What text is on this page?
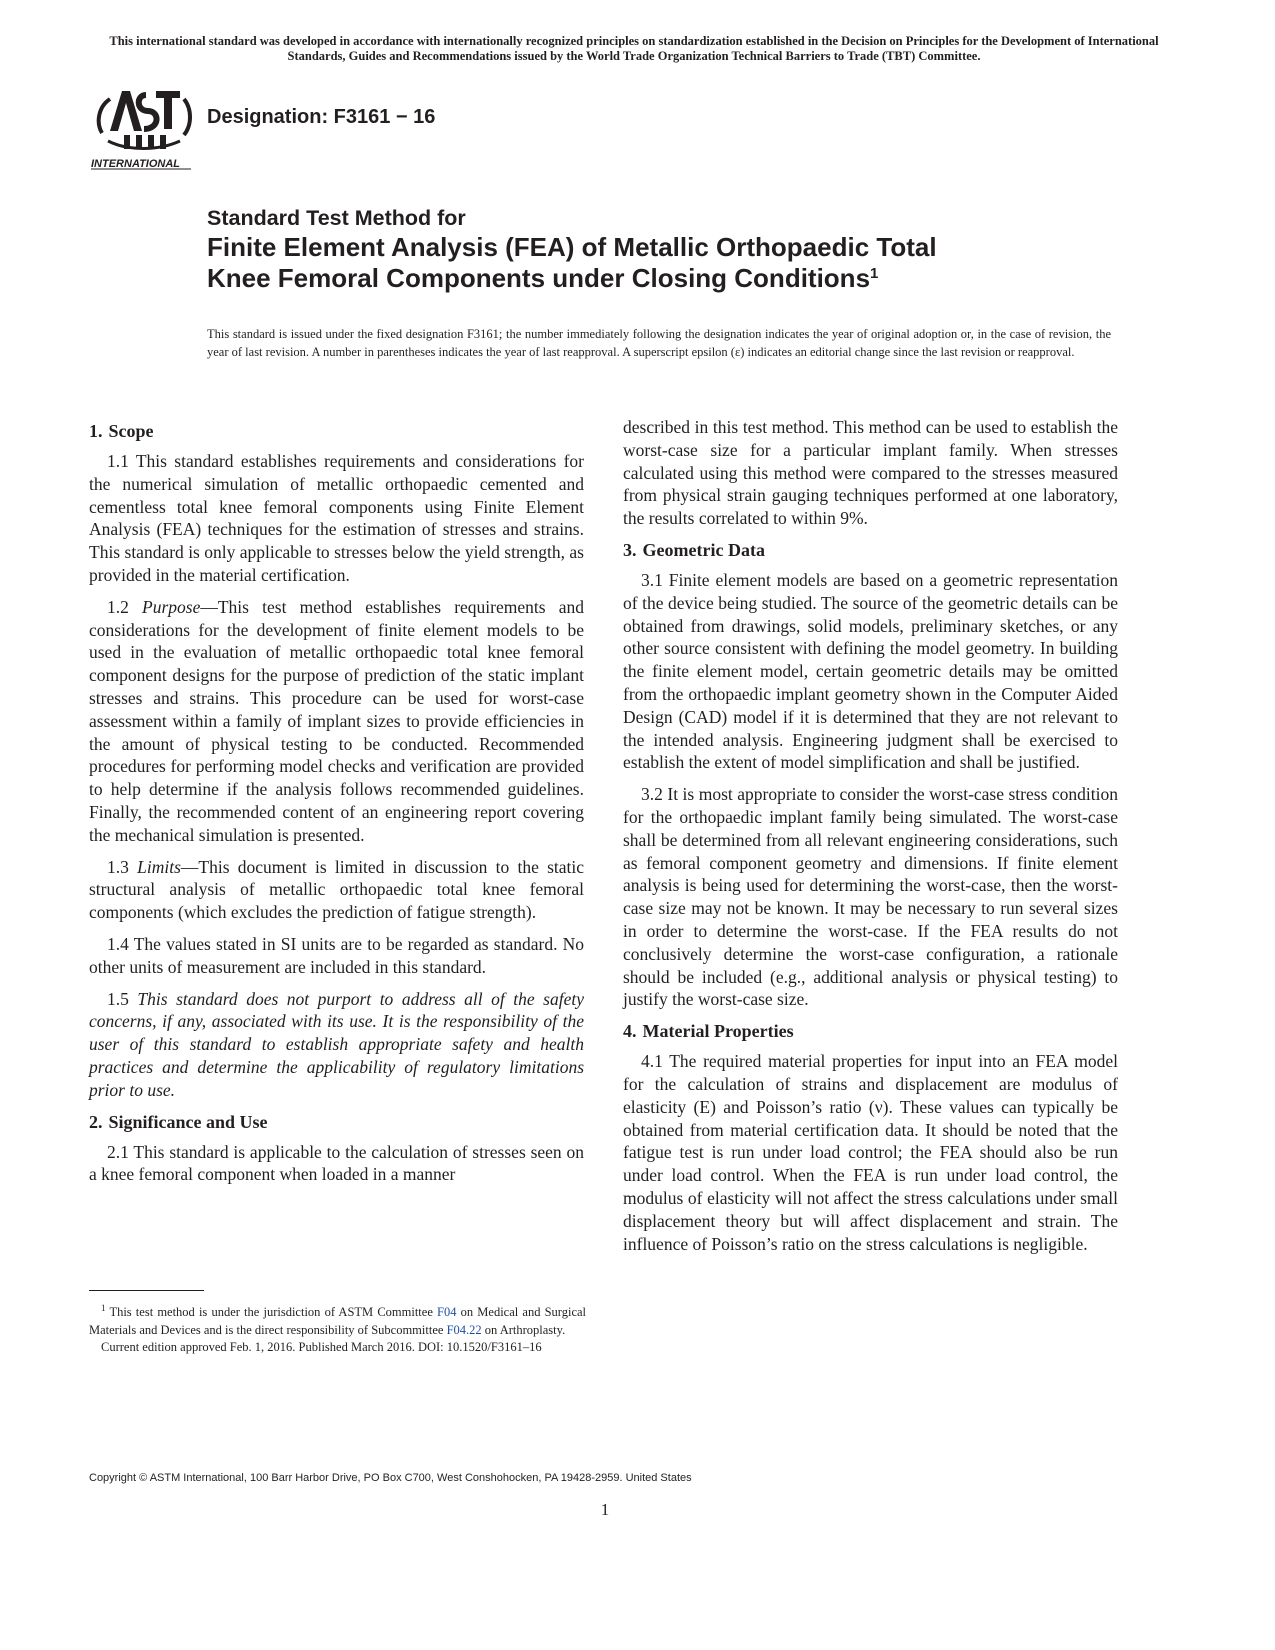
This international standard was developed in accordance with internationally recognized principles on standardization established in the Decision on Principles for the Development of International Standards, Guides and Recommendations issued by the World Trade Organization Technical Barriers to Trade (TBT) Committee.
INTERNATIONAL
Designation: F3161 − 16
Standard Test Method for
Finite Element Analysis (FEA) of Metallic Orthopaedic Total
Knee Femoral Components under Closing Conditions$^1$
This standard is issued under the fixed designation F3161; the number immediately following the designation indicates the year of original adoption or, in the case of revision, the year of last revision. A number in parentheses indicates the year of last reapproval. A superscript epsilon (ε) indicates an editorial change since the last revision or reapproval.
1. Scope

1.1 This standard establishes requirements and considerations for the numerical simulation of metallic orthopaedic cemented and cementless total knee femoral components using Finite Element Analysis (FEA) techniques for the estimation of stresses and strains. This standard is only applicable to stresses below the yield strength, as provided in the material certification.

1.2 Purpose—This test method establishes requirements and considerations for the development of finite element models to be used in the evaluation of metallic orthopaedic total knee femoral component designs for the purpose of prediction of the static implant stresses and strains. This procedure can be used for worst-case assessment within a family of implant sizes to provide efficiencies in the amount of physical testing to be conducted. Recommended procedures for performing model checks and verification are provided to help determine if the analysis follows recommended guidelines. Finally, the recommended content of an engineering report covering the mechanical simulation is presented.

1.3 Limits—This document is limited in discussion to the static structural analysis of metallic orthopaedic total knee femoral components (which excludes the prediction of fatigue strength).

1.4 The values stated in SI units are to be regarded as standard. No other units of measurement are included in this standard.

1.5 This standard does not purport to address all of the safety concerns, if any, associated with its use. It is the responsibility of the user of this standard to establish appropriate safety and health practices and determine the applicability of regulatory limitations prior to use.

2. Significance and Use

2.1 This standard is applicable to the calculation of stresses seen on a knee femoral component when loaded in a manner

$^1$ This test method is under the jurisdiction of ASTM Committee F04 on Medical and Surgical Materials and Devices and is the direct responsibility of Subcommittee F04.22 on Arthroplasty.

Current edition approved Feb. 1, 2016. Published March 2016. DOI: 10.1520/F3161–16

described in this test method. This method can be used to establish the worst-case size for a particular implant family. When stresses calculated using this method were compared to the stresses measured from physical strain gauging techniques performed at one laboratory, the results correlated to within 9%.

3. Geometric Data

3.1 Finite element models are based on a geometric representation of the device being studied. The source of the geometric details can be obtained from drawings, solid models, preliminary sketches, or any other source consistent with defining the model geometry. In building the finite element model, certain geometric details may be omitted from the orthopaedic implant geometry shown in the Computer Aided Design (CAD) model if it is determined that they are not relevant to the intended analysis. Engineering judgment shall be exercised to establish the extent of model simplification and shall be justified.

3.2 It is most appropriate to consider the worst-case stress condition for the orthopaedic implant family being simulated. The worst-case shall be determined from all relevant engineering considerations, such as femoral component geometry and dimensions. If finite element analysis is being used for determining the worst-case, then the worst-case size may not be known. It may be necessary to run several sizes in order to determine the worst-case. If the FEA results do not conclusively determine the worst-case configuration, a rationale should be included (e.g., additional analysis or physical testing) to justify the worst-case size.

4. Material Properties

4.1 The required material properties for input into an FEA model for the calculation of strains and displacement are modulus of elasticity (E) and Poisson’s ratio (ν). These values can typically be obtained from material certification data. It should be noted that the fatigue test is run under load control; the FEA should also be run under load control. When the FEA is run under load control, the modulus of elasticity will not affect the stress calculations under small displacement theory but will affect displacement and strain. The influence of Poisson’s ratio on the stress calculations is negligible.

Copyright © ASTM International, 100 Barr Harbor Drive, PO Box C700, West Conshohocken, PA 19428-2959. United States
1
